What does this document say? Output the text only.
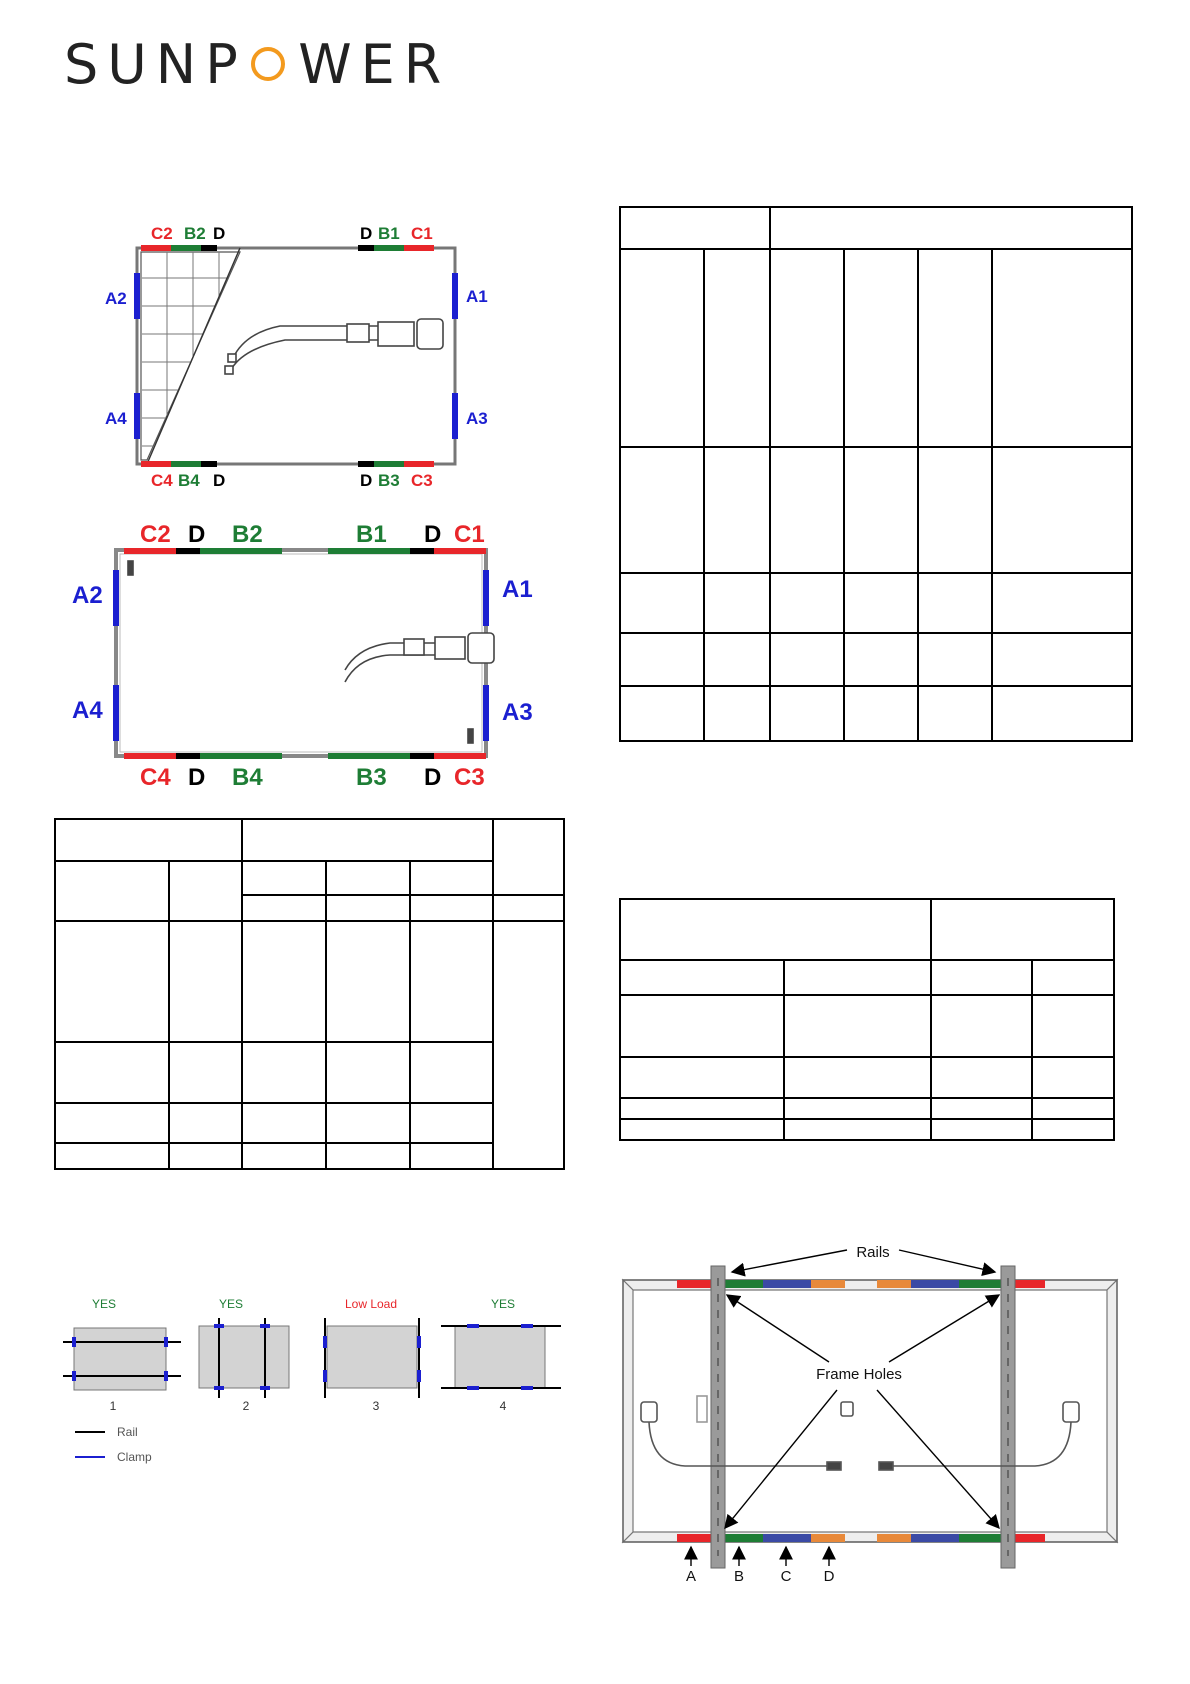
SUNP WER
C2 B2 D	D B1 C1
C4 B4 D	D B3 C3
A2
A4
A1
A3
C2 D B2	B1 D C1
C4 D B4	B3 D C3
A2
A4
A1
A3

YES	YES	Low Load	YES
1	2	3	4
Rail
Clamp
Rails
Frame Holes
A	B C D
